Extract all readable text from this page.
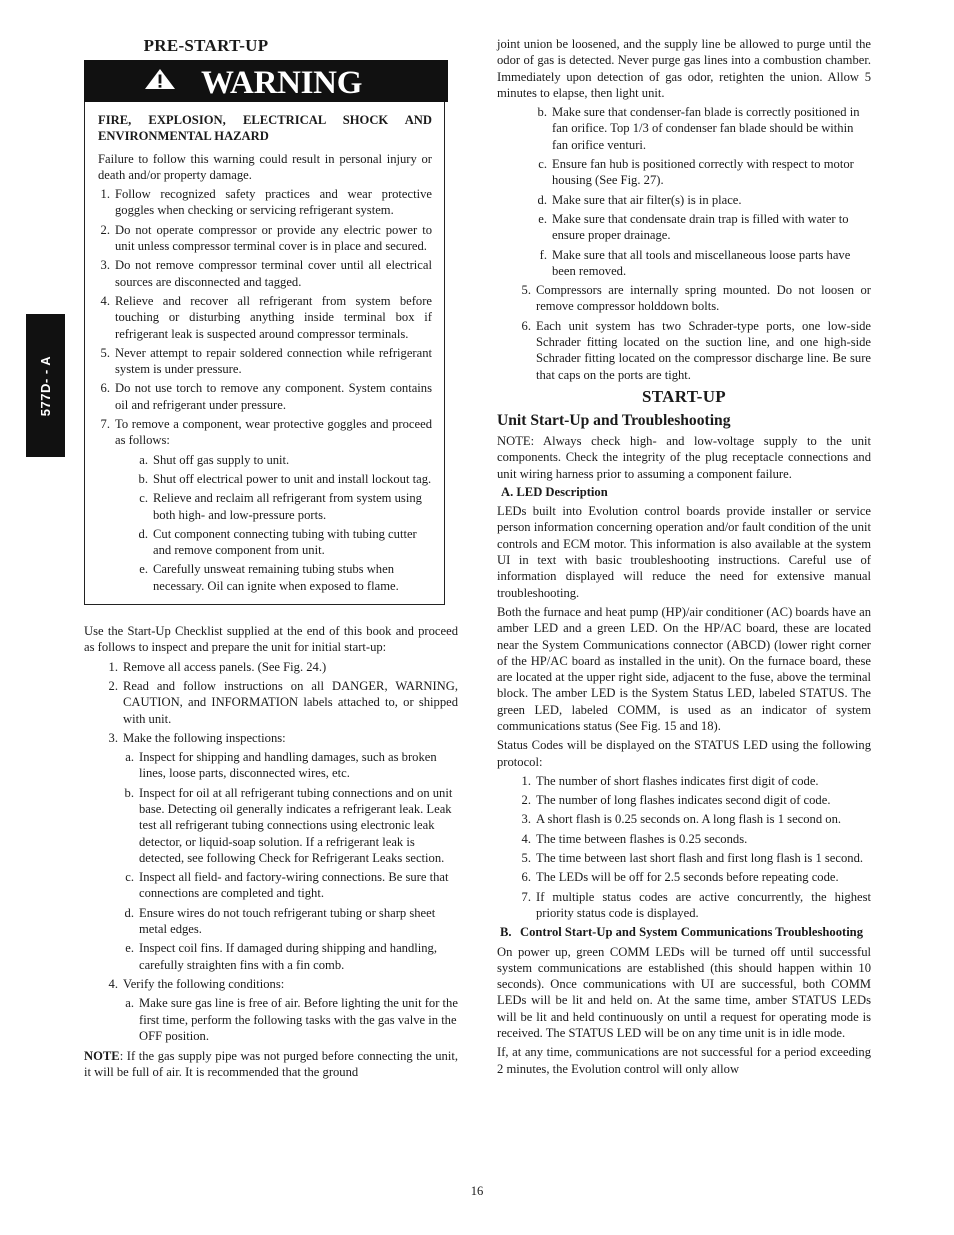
577D- - A
PRE-START-UP
WARNING

FIRE, EXPLOSION, ELECTRICAL SHOCK AND ENVIRONMENTAL HAZARD

Failure to follow this warning could result in personal injury or death and/or property damage.

1. Follow recognized safety practices and wear protective goggles when checking or servicing refrigerant system.
2. Do not operate compressor or provide any electric power to unit unless compressor terminal cover is in place and secured.
3. Do not remove compressor terminal cover until all electrical sources are disconnected and tagged.
4. Relieve and recover all refrigerant from system before touching or disturbing anything inside terminal box if refrigerant leak is suspected around compressor terminals.
5. Never attempt to repair soldered connection while refrigerant system is under pressure.
6. Do not use torch to remove any component. System contains oil and refrigerant under pressure.
7. To remove a component, wear protective goggles and proceed as follows:
a. Shut off gas supply to unit.
b. Shut off electrical power to unit and install lockout tag.
c. Relieve and reclaim all refrigerant from system using both high- and low-pressure ports.
d. Cut component connecting tubing with tubing cutter and remove component from unit.
e. Carefully unsweat remaining tubing stubs when necessary. Oil can ignite when exposed to flame.

Use the Start-Up Checklist supplied at the end of this book and proceed as follows to inspect and prepare the unit for initial start-up:

1. Remove all access panels. (See Fig. 24.)
2. Read and follow instructions on all DANGER, WARNING, CAUTION, and INFORMATION labels attached to, or shipped with unit.
3. Make the following inspections:
a. Inspect for shipping and handling damages, such as broken lines, loose parts, disconnected wires, etc.
b. Inspect for oil at all refrigerant tubing connections and on unit base. Detecting oil generally indicates a refrigerant leak. Leak test all refrigerant tubing connections using electronic leak detector, or liquid-soap solution. If a refrigerant leak is detected, see following Check for Refrigerant Leaks section.
c. Inspect all field- and factory-wiring connections. Be sure that connections are completed and tight.
d. Ensure wires do not touch refrigerant tubing or sharp sheet metal edges.
e. Inspect coil fins. If damaged during shipping and handling, carefully straighten fins with a fin comb.
4. Verify the following conditions:
a. Make sure gas line is free of air. Before lighting the unit for the first time, perform the following tasks with the gas valve in the OFF position.

NOTE: If the gas supply pipe was not purged before connecting the unit, it will be full of air. It is recommended that the ground

joint union be loosened, and the supply line be allowed to purge until the odor of gas is detected. Never purge gas lines into a combustion chamber. Immediately upon detection of gas odor, retighten the union. Allow 5 minutes to elapse, then light unit.

b. Make sure that condenser-fan blade is correctly positioned in fan orifice. Top 1/3 of condenser fan blade should be within fan orifice venturi.
c. Ensure fan hub is positioned correctly with respect to motor housing (See Fig. 27).
d. Make sure that air filter(s) is in place.
e. Make sure that condensate drain trap is filled with water to ensure proper drainage.
f. Make sure that all tools and miscellaneous loose parts have been removed.
5. Compressors are internally spring mounted. Do not loosen or remove compressor holddown bolts.
6. Each unit system has two Schrader-type ports, one low-side Schrader fitting located on the suction line, and one high-side Schrader fitting located on the compressor discharge line. Be sure that caps on the ports are tight.
START-UP
Unit Start-Up and Troubleshooting

NOTE: Always check high- and low-voltage supply to the unit components. Check the integrity of the plug receptacle connections and unit wiring harness prior to assuming a component failure.

A. LED Description

LEDs built into Evolution control boards provide installer or service person information concerning operation and/or fault condition of the unit controls and ECM motor. This information is also available at the system UI in text with basic troubleshooting instructions. Careful use of information displayed will reduce the need for extensive manual troubleshooting.

Both the furnace and heat pump (HP)/air conditioner (AC) boards have an amber LED and a green LED. On the HP/AC board, these are located near the System Communications connector (ABCD) (lower right corner of the HP/AC board as installed in the unit). On the furnace board, these are located at the upper right side, adjacent to the fuse, above the terminal block. The amber LED is the System Status LED, labeled STATUS. The green LED, labeled COMM, is used as an indicator of system communications status (See Fig. 15 and 18).

Status Codes will be displayed on the STATUS LED using the following protocol:

1. The number of short flashes indicates first digit of code.
2. The number of long flashes indicates second digit of code.
3. A short flash is 0.25 seconds on. A long flash is 1 second on.
4. The time between flashes is 0.25 seconds.
5. The time between last short flash and first long flash is 1 second.
6. The LEDs will be off for 2.5 seconds before repeating code.
7. If multiple status codes are active concurrently, the highest priority status code is displayed.
B. Control Start-Up and System Communications Troubleshooting

On power up, green COMM LEDs will be turned off until successful system communications are established (this should happen within 10 seconds). Once communications with UI are successful, both COMM LEDs will be lit and held on. At the same time, amber STATUS LEDs will be lit and held continuously on until a request for operating mode is received. The STATUS LED will be on any time unit is in idle mode.

If, at any time, communications are not successful for a period exceeding 2 minutes, the Evolution control will only allow

16
